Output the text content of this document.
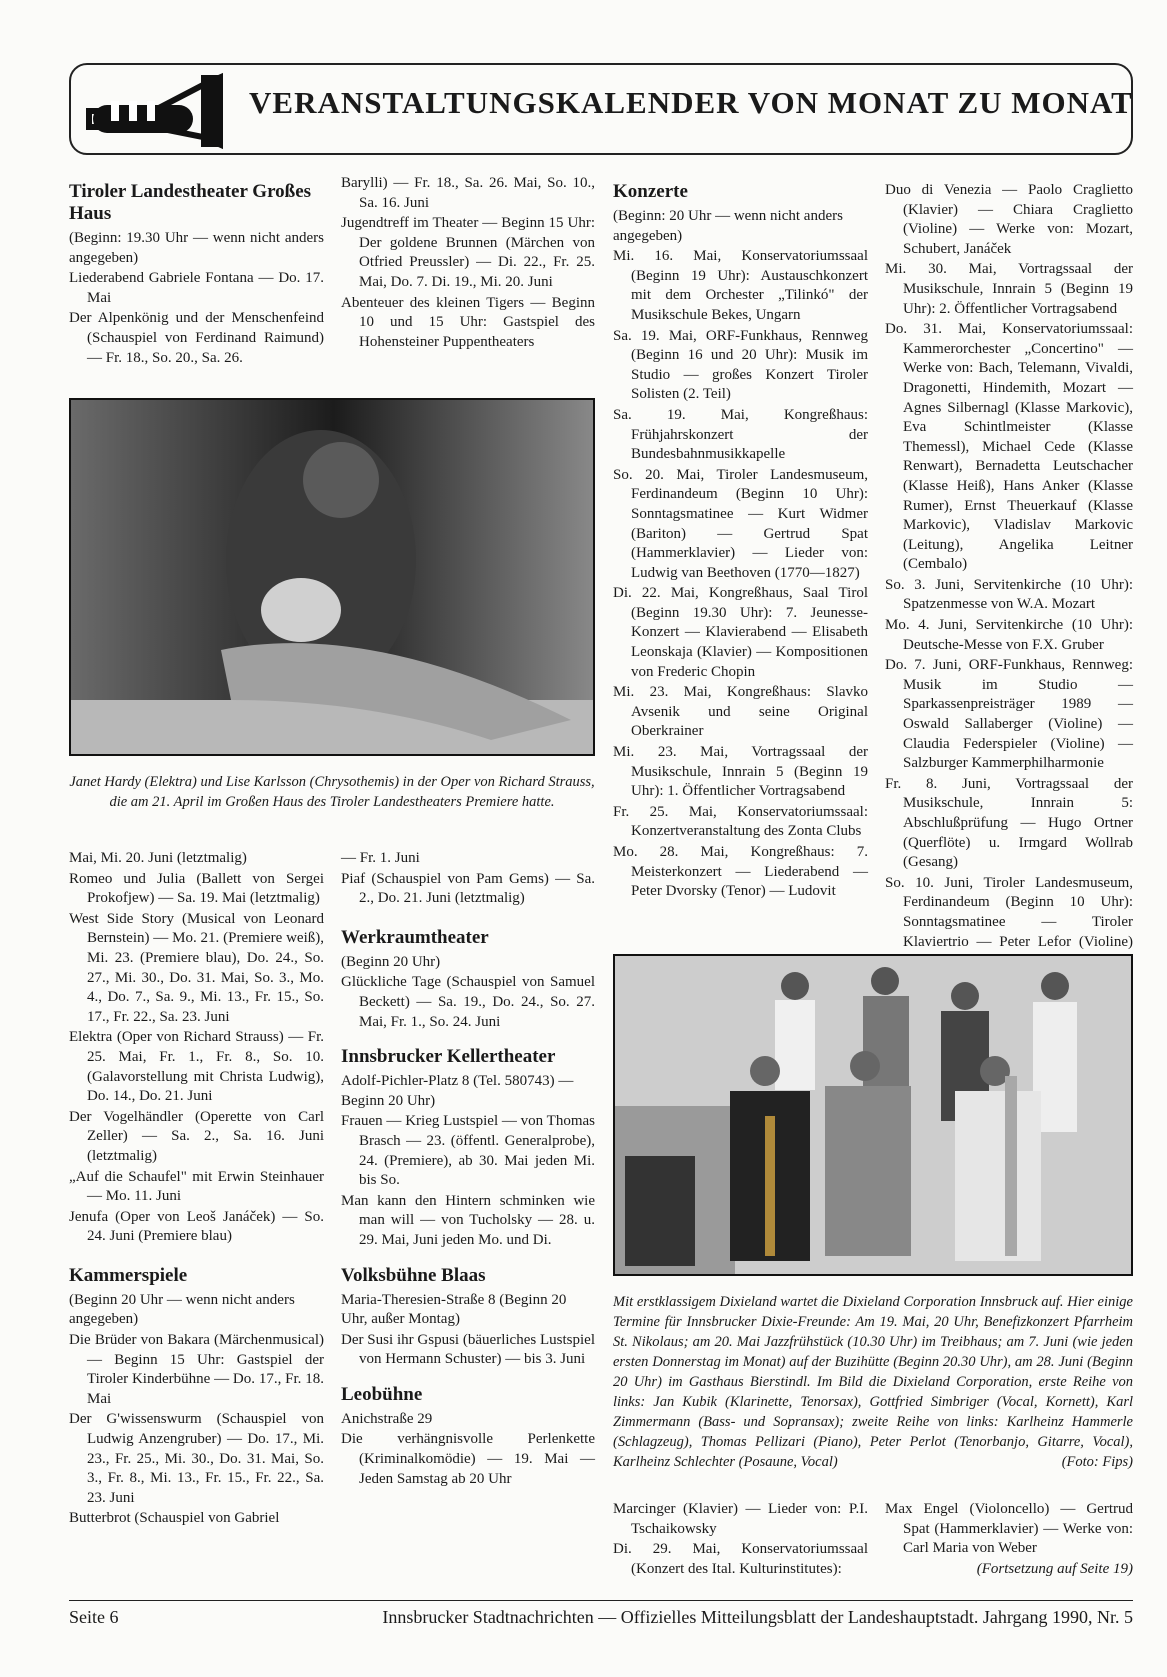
VERANSTALTUNGSKALENDER VON MONAT ZU MONAT
Tiroler Landestheater Großes Haus

(Beginn: 19.30 Uhr — wenn nicht anders angegeben)

Liederabend Gabriele Fontana — Do. 17. Mai

Der Alpenkönig und der Menschenfeind (Schauspiel von Ferdinand Raimund) — Fr. 18., So. 20., Sa. 26.

Barylli) — Fr. 18., Sa. 26. Mai, So. 10., Sa. 16. Juni

Jugendtreff im Theater — Beginn 15 Uhr: Der goldene Brunnen (Märchen von Otfried Preussler) — Di. 22., Fr. 25. Mai, Do. 7. Di. 19., Mi. 20. Juni

Abenteuer des kleinen Tigers — Beginn 10 und 15 Uhr: Gastspiel des Hohensteiner Puppentheaters

Janet Hardy (Elektra) und Lise Karlsson (Chrysothemis) in der Oper von Richard Strauss, die am 21. April im Großen Haus des Tiroler Landestheaters Premiere hatte.

Mai, Mi. 20. Juni (letztmalig)

Romeo und Julia (Ballett von Sergei Prokofjew) — Sa. 19. Mai (letztmalig)

West Side Story (Musical von Leonard Bernstein) — Mo. 21. (Premiere weiß), Mi. 23. (Premiere blau), Do. 24., So. 27., Mi. 30., Do. 31. Mai, So. 3., Mo. 4., Do. 7., Sa. 9., Mi. 13., Fr. 15., So. 17., Fr. 22., Sa. 23. Juni

Elektra (Oper von Richard Strauss) — Fr. 25. Mai, Fr. 1., Fr. 8., So. 10. (Galavorstellung mit Christa Ludwig), Do. 14., Do. 21. Juni

Der Vogelhändler (Operette von Carl Zeller) — Sa. 2., Sa. 16. Juni (letztmalig)

„Auf die Schaufel" mit Erwin Steinhauer — Mo. 11. Juni

Jenufa (Oper von Leoš Janáček) — So. 24. Juni (Premiere blau)

Kammerspiele

(Beginn 20 Uhr — wenn nicht anders angegeben)

Die Brüder von Bakara (Märchenmusical) — Beginn 15 Uhr: Gastspiel der Tiroler Kinderbühne — Do. 17., Fr. 18. Mai

Der G'wissenswurm (Schauspiel von Ludwig Anzengruber) — Do. 17., Mi. 23., Fr. 25., Mi. 30., Do. 31. Mai, So. 3., Fr. 8., Mi. 13., Fr. 15., Fr. 22., Sa. 23. Juni

Butterbrot (Schauspiel von Gabriel

— Fr. 1. Juni

Piaf (Schauspiel von Pam Gems) — Sa. 2., Do. 21. Juni (letztmalig)

Werkraumtheater

(Beginn 20 Uhr)

Glückliche Tage (Schauspiel von Samuel Beckett) — Sa. 19., Do. 24., So. 27. Mai, Fr. 1., So. 24. Juni

Innsbrucker Kellertheater

Adolf-Pichler-Platz 8 (Tel. 580743) — Beginn 20 Uhr)

Frauen — Krieg Lustspiel — von Thomas Brasch — 23. (öffentl. Generalprobe), 24. (Premiere), ab 30. Mai jeden Mi. bis So.

Man kann den Hintern schminken wie man will — von Tucholsky — 28. u. 29. Mai, Juni jeden Mo. und Di.

Volksbühne Blaas

Maria-Theresien-Straße 8 (Beginn 20 Uhr, außer Montag)

Der Susi ihr Gspusi (bäuerliches Lustspiel von Hermann Schuster) — bis 3. Juni

Leobühne

Anichstraße 29

Die verhängnisvolle Perlenkette (Kriminalkomödie) — 19. Mai — Jeden Samstag ab 20 Uhr

Konzerte

(Beginn: 20 Uhr — wenn nicht anders angegeben)

Mi. 16. Mai, Konservatoriumssaal (Beginn 19 Uhr): Austauschkonzert mit dem Orchester „Tilinkó" der Musikschule Bekes, Ungarn

Sa. 19. Mai, ORF-Funkhaus, Rennweg (Beginn 16 und 20 Uhr): Musik im Studio — großes Konzert Tiroler Solisten (2. Teil)

Sa. 19. Mai, Kongreßhaus: Frühjahrskonzert der Bundesbahnmusikkapelle

So. 20. Mai, Tiroler Landesmuseum, Ferdinandeum (Beginn 10 Uhr): Sonntagsmatinee — Kurt Widmer (Bariton) — Gertrud Spat (Hammerklavier) — Lieder von: Ludwig van Beethoven (1770—1827)

Di. 22. Mai, Kongreßhaus, Saal Tirol (Beginn 19.30 Uhr): 7. Jeunesse-Konzert — Klavierabend — Elisabeth Leonskaja (Klavier) — Kompositionen von Frederic Chopin

Mi. 23. Mai, Kongreßhaus: Slavko Avsenik und seine Original Oberkrainer

Mi. 23. Mai, Vortragssaal der Musikschule, Innrain 5 (Beginn 19 Uhr): 1. Öffentlicher Vortragsabend

Fr. 25. Mai, Konservatoriumssaal: Konzertveranstaltung des Zonta Clubs

Mo. 28. Mai, Kongreßhaus: 7. Meisterkonzert — Liederabend — Peter Dvorsky (Tenor) — Ludovit

Duo di Venezia — Paolo Craglietto (Klavier) — Chiara Craglietto (Violine) — Werke von: Mozart, Schubert, Janáček

Mi. 30. Mai, Vortragssaal der Musikschule, Innrain 5 (Beginn 19 Uhr): 2. Öffentlicher Vortragsabend

Do. 31. Mai, Konservatoriumssaal: Kammerorchester „Concertino" — Werke von: Bach, Telemann, Vivaldi, Dragonetti, Hindemith, Mozart — Agnes Silbernagl (Klasse Markovic), Eva Schintlmeister (Klasse Themessl), Michael Cede (Klasse Renwart), Bernadetta Leutschacher (Klasse Heiß), Hans Anker (Klasse Rumer), Ernst Theuerkauf (Klasse Markovic), Vladislav Markovic (Leitung), Angelika Leitner (Cembalo)

So. 3. Juni, Servitenkirche (10 Uhr): Spatzenmesse von W.A. Mozart

Mo. 4. Juni, Servitenkirche (10 Uhr): Deutsche-Messe von F.X. Gruber

Do. 7. Juni, ORF-Funkhaus, Rennweg: Musik im Studio — Sparkassenpreisträger 1989 — Oswald Sallaberger (Violine) — Claudia Federspieler (Violine) — Salzburger Kammerphilharmonie

Fr. 8. Juni, Vortragssaal der Musikschule, Innrain 5: Abschlußprüfung — Hugo Ortner (Querflöte) u. Irmgard Wollrab (Gesang)

So. 10. Juni, Tiroler Landesmuseum, Ferdinandeum (Beginn 10 Uhr): Sonntagsmatinee — Tiroler Klaviertrio — Peter Lefor (Violine)

Mit erstklassigem Dixieland wartet die Dixieland Corporation Innsbruck auf. Hier einige Termine für Innsbrucker Dixie-Freunde: Am 19. Mai, 20 Uhr, Benefizkonzert Pfarrheim St. Nikolaus; am 20. Mai Jazzfrühstück (10.30 Uhr) im Treibhaus; am 7. Juni (wie jeden ersten Donnerstag im Monat) auf der Buzihütte (Beginn 20.30 Uhr), am 28. Juni (Beginn 20 Uhr) im Gasthaus Bierstindl. Im Bild die Dixieland Corporation, erste Reihe von links: Jan Kubik (Klarinette, Tenorsax), Gottfried Simbriger (Vocal, Kornett), Karl Zimmermann (Bass- und Sopransax); zweite Reihe von links: Karlheinz Hammerle (Schlagzeug), Thomas Pellizari (Piano), Peter Perlot (Tenorbanjo, Gitarre, Vocal), Karlheinz Schlechter (Posaune, Vocal)	(Foto: Fips)

Marcinger (Klavier) — Lieder von: P.I. Tschaikowsky

Di. 29. Mai, Konservatoriumssaal (Konzert des Ital. Kulturinstitutes):

Max Engel (Violoncello) — Gertrud Spat (Hammerklavier) — Werke von: Carl Maria von Weber

(Fortsetzung auf Seite 19)

Seite 6	Innsbrucker Stadtnachrichten — Offizielles Mitteilungsblatt der Landeshauptstadt. Jahrgang 1990, Nr. 5
